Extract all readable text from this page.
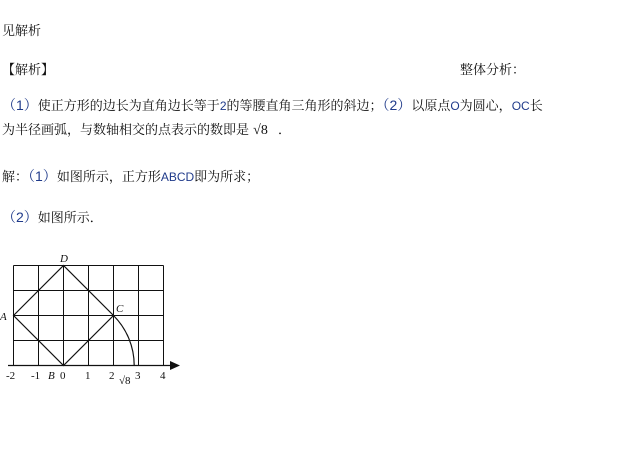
见解析
【解析】	整体分析：
（1）使正方形的边长为直角边长等于2的等腰直角三角形的斜边；（2）以原点O为圆心，OC长
为半径画弧，与数轴相交的点表示的数即是 √8 ．
解：（1）如图所示，正方形ABCD即为所求；
（2）如图所示．
A
D
C
B
-2 -1 0 1 2 3 4
√8
